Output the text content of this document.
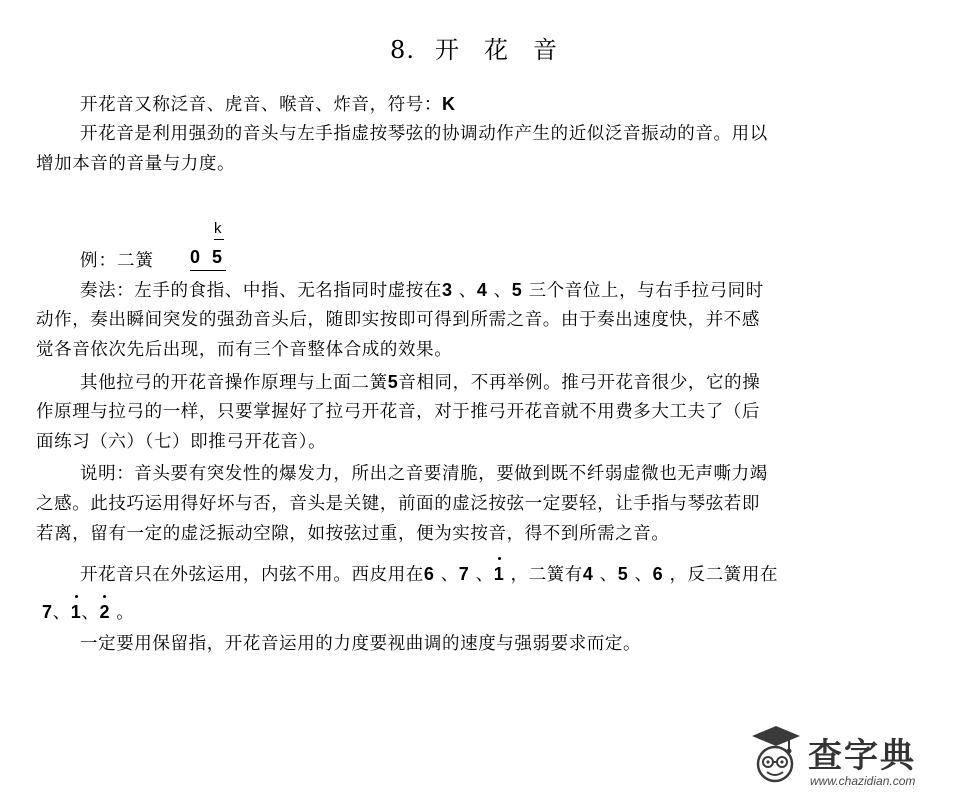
8. 开 花 音
开花音又称泛音、虎音、喉音、炸音，符号：K
开花音是利用强劲的音头与左手指虚按琴弦的协调动作产生的近似泛音振动的音。用以
增加本音的音量与力度。
例：二簧
k
0 5
奏法：左手的食指、中指、无名指同时虚按在3 、4 、5 三个音位上，与右手拉弓同时
动作，奏出瞬间突发的强劲音头后，随即实按即可得到所需之音。由于奏出速度快，并不感
觉各音依次先后出现，而有三个音整体合成的效果。
其他拉弓的开花音操作原理与上面二簧5音相同，不再举例。推弓开花音很少，它的操
作原理与拉弓的一样，只要掌握好了拉弓开花音，对于推弓开花音就不用费多大工夫了（后
面练习（六）（七）即推弓开花音）。
说明：音头要有突发性的爆发力，所出之音要清脆，要做到既不纤弱虚微也无声嘶力竭
之感。此技巧运用得好坏与否，音头是关键，前面的虚泛按弦一定要轻，让手指与琴弦若即
若离，留有一定的虚泛振动空隙，如按弦过重，便为实按音，得不到所需之音。
开花音只在外弦运用，内弦不用。西皮用在6 、7 、
1 ，二簧有4 、5 、6 ，反二簧用在
7、
1、
2 。
一定要用保留指，开花音运用的力度要视曲调的速度与强弱要求而定。
查字典
www.chazidian.com
